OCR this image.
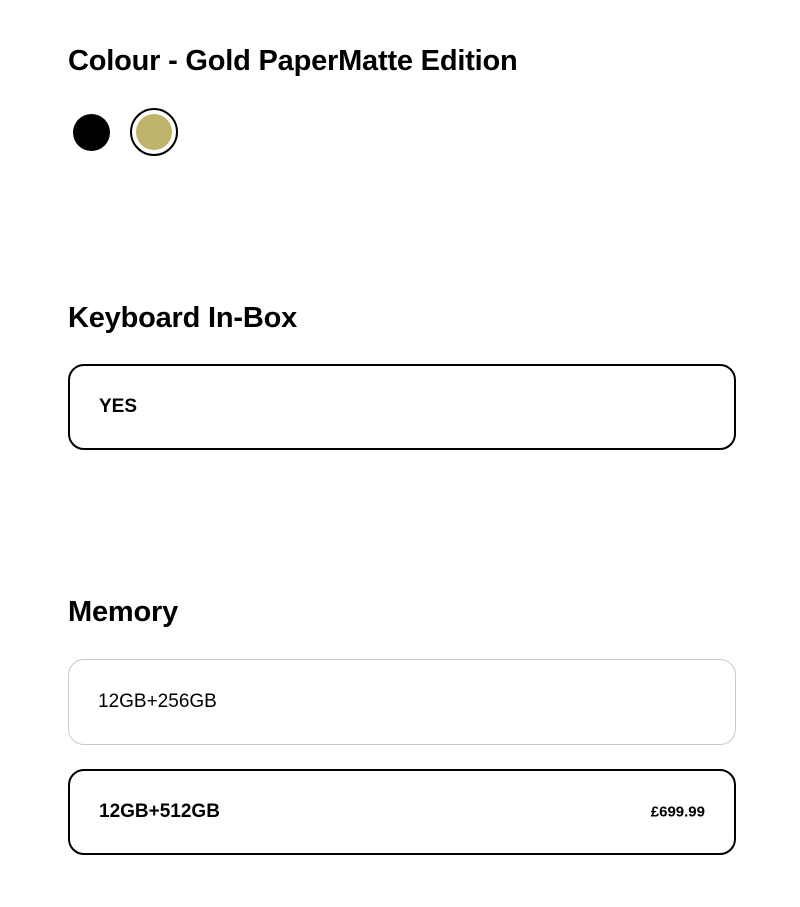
Colour - Gold PaperMatte Edition
Keyboard In-Box
YES
Memory
12GB+256GB
12GB+512GB	£699.99
